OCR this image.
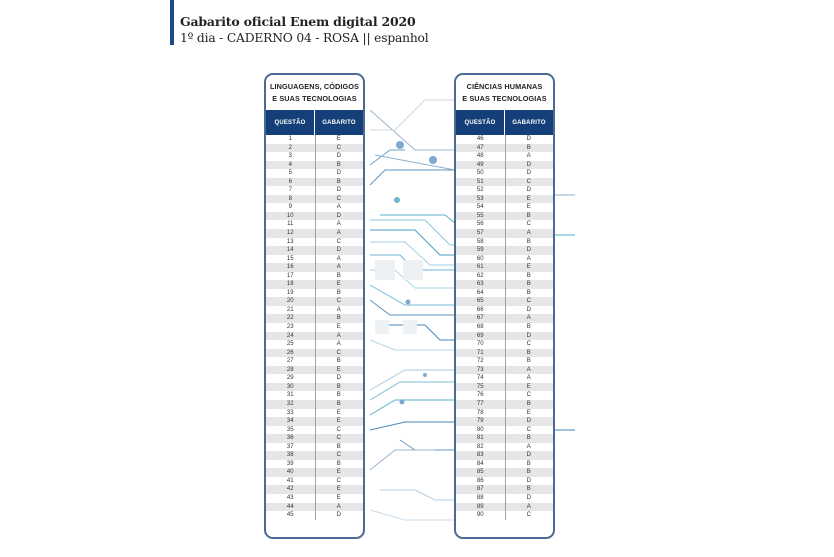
Gabarito oficial Enem digital 2020
1º dia - CADERNO 04 - ROSA || espanhol
LINGUAGENS, CÓDIGOS
E SUAS TECNOLOGIAS
QUESTÃO	GABARITO
1	E
2	C
3	D
4	B
5	D
6	B
7	D
8	C
9	A
10	D
11	A
12	A
13	C
14	D
15	A
16	A
17	B
18	E
19	B
20	C
21	A
22	B
23	E
24	A
25	A
26	C
27	B
28	E
29	D
30	B
31	B
32	B
33	E
34	E
35	C
36	C
37	B
38	C
39	B
40	E
41	C
42	E
43	E
44	A
45	D
CIÊNCIAS HUMANAS
E SUAS TECNOLOGIAS
QUESTÃO	GABARITO
46	D
47	B
48	A
49	D
50	D
51	C
52	D
53	E
54	E
55	B
56	C
57	A
58	B
59	D
60	A
61	E
62	B
63	B
64	B
65	C
66	D
67	A
68	B
69	D
70	C
71	B
72	B
73	A
74	A
75	E
76	C
77	B
78	E
79	D
80	C
81	B
82	A
83	D
84	B
85	B
86	D
87	B
88	D
89	A
90	C
